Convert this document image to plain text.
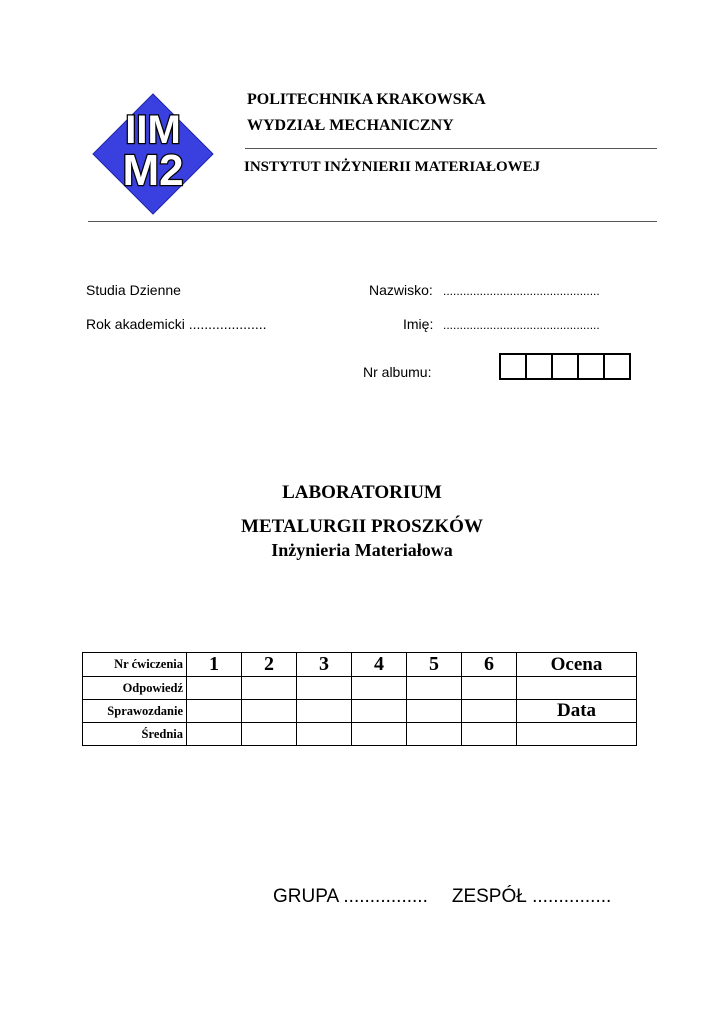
IIM
M2
POLITECHNIKA KRAKOWSKA
WYDZIAŁ MECHANICZNY
INSTYTUT INŻYNIERII MATERIAŁOWEJ
Studia Dzienne
Rok akademicki ....................
Nazwisko: ...............................................
Imię: ...............................................
Nr albumu:
LABORATORIUM
METALURGII PROSZKÓW
Inżynieria Materiałowa
Nr ćwiczenia	1	2	3	4	5	6	Ocena
Odpowiedź							
Sprawozdanie							Data
Średnia							
GRUPA ................ ZESPÓŁ ...............
